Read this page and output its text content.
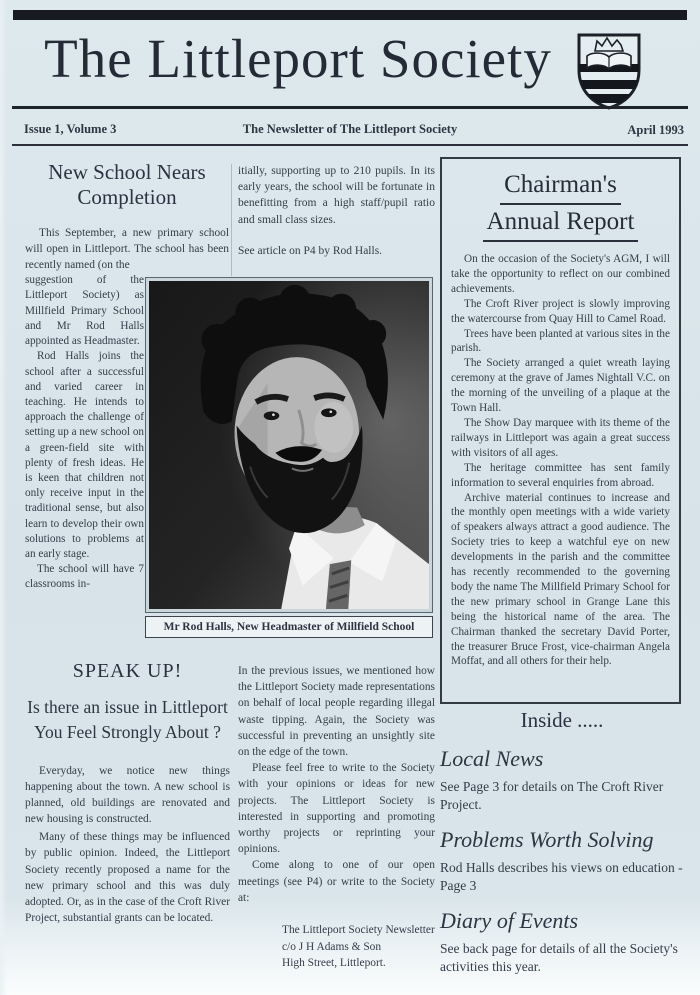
The Littleport Society
Issue 1, Volume 3	The Newsletter of The Littleport Society	April 1993
New School Nears Completion

This September, a new primary school will open in Littleport. The school has been recently named (on the

suggestion of the Littleport Society) as Millfield Primary School and Mr Rod Halls appointed as Headmaster.

Rod Halls joins the school after a successful and varied career in teaching. He intends to approach the challenge of setting up a new school on a green-field site with plenty of fresh ideas. He is keen that children not only receive input in the traditional sense, but also learn to develop their own solutions to problems at an early stage.

The school will have 7 classrooms in-

itially, supporting up to 210 pupils. In its early years, the school will be fortunate in benefitting from a high staff/pupil ratio and small class sizes.

See article on P4 by Rod Halls.

Mr Rod Halls, New Headmaster of Millfield School
Chairman's
Annual Report

On the occasion of the Society's AGM, I will take the opportunity to reflect on our combined achievements.

The Croft River project is slowly improving the watercourse from Quay Hill to Camel Road.

Trees have been planted at various sites in the parish.

The Society arranged a quiet wreath laying ceremony at the grave of James Nightall V.C. on the morning of the unveiling of a plaque at the Town Hall.

The Show Day marquee with its theme of the railways in Littleport was again a great success with visitors of all ages.

The heritage committee has sent family information to several enquiries from abroad.

Archive material continues to increase and the monthly open meetings with a wide variety of speakers always attract a good audience. The Society tries to keep a watchful eye on new developments in the parish and the committee has recently recommended to the governing body the name The Millfield Primary School for the new primary school in Grange Lane this being the historical name of the area. The Chairman thanked the secretary David Porter, the treasurer Bruce Frost, vice-chairman Angela Moffat, and all others for their help.

SPEAK UP!
Is there an issue in Littleport You Feel Strongly About ?

Everyday, we notice new things happening about the town. A new school is planned, old buildings are renovated and new housing is constructed.

Many of these things may be influenced by public opinion. Indeed, the Littleport Society recently proposed a name for the new primary school and this was duly adopted. Or, as in the case of the Croft River Project, substantial grants can be located.

In the previous issues, we mentioned how the Littleport Society made representations on behalf of local people regarding illegal waste tipping. Again, the Society was successful in preventing an unsightly site on the edge of the town.

Please feel free to write to the Society with your opinions or ideas for new projects. The Littleport Society is interested in supporting and promoting worthy projects or reprinting your opinions.

Come along to one of our open meetings (see P4) or write to the Society at:

The Littleport Society Newsletter
c/o J H Adams & Son
High Street, Littleport.
Inside .....
Local News

See Page 3 for details on The Croft River Project.

Problems Worth Solving

Rod Halls describes his views on education - Page 3

Diary of Events

See back page for details of all the Society's activities this year.
